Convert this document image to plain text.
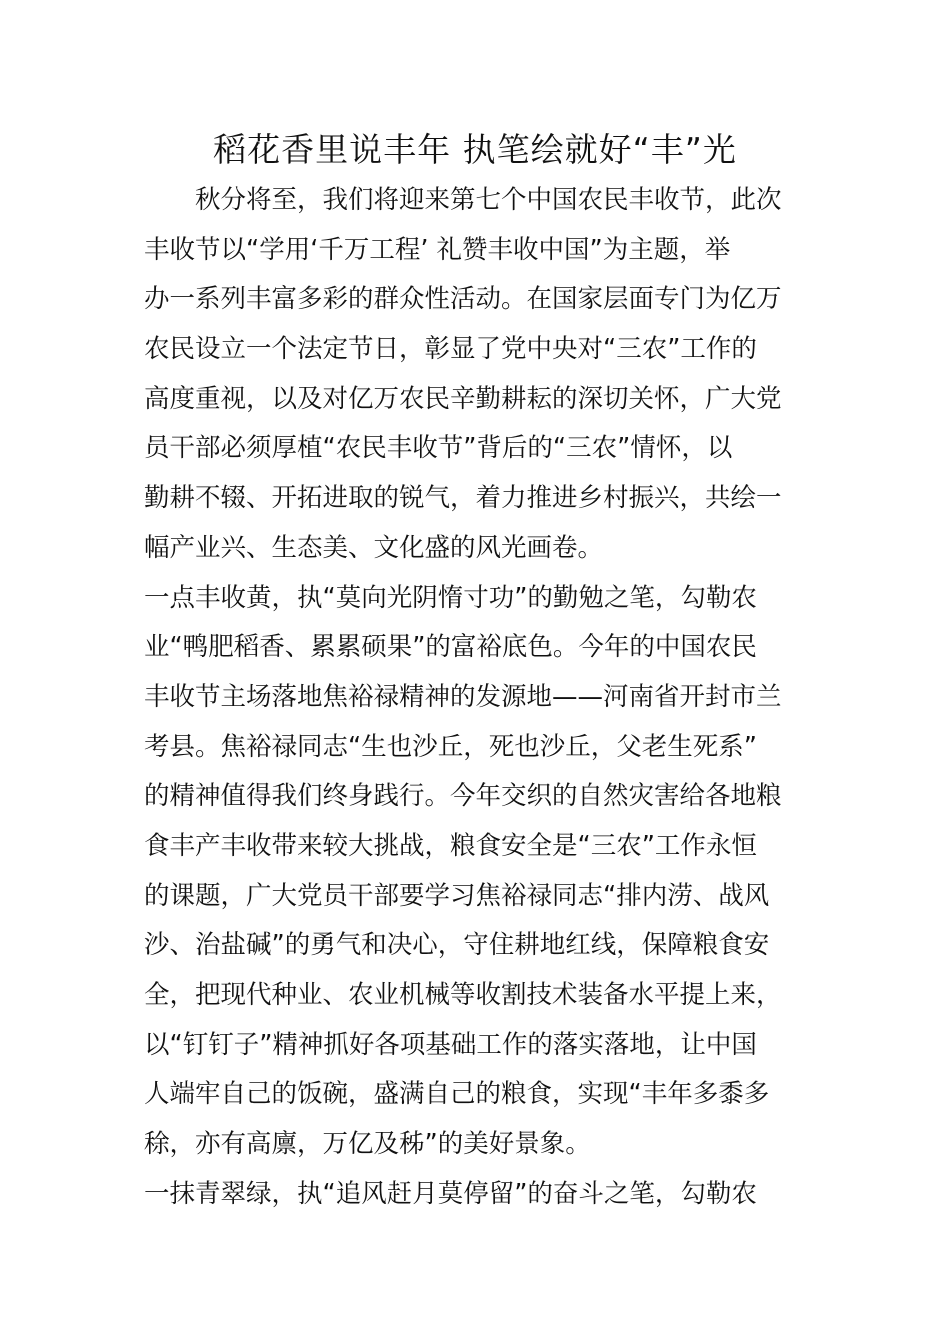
稻花香里说丰年 执笔绘就好“丰”光
　　秋分将至，我们将迎来第七个中国农民丰收节，此次
丰收节以“学用‘千万工程’ 礼赞丰收中国”为主题，举
办一系列丰富多彩的群众性活动。在国家层面专门为亿万
农民设立一个法定节日，彰显了党中央对“三农”工作的
高度重视，以及对亿万农民辛勤耕耘的深切关怀，广大党
员干部必须厚植“农民丰收节”背后的“三农”情怀，以
勤耕不辍、开拓进取的锐气，着力推进乡村振兴，共绘一
幅产业兴、生态美、文化盛的风光画卷。
一点丰收黄，执“莫向光阴惰寸功”的勤勉之笔，勾勒农
业“鸭肥稻香、累累硕果”的富裕底色。今年的中国农民
丰收节主场落地焦裕禄精神的发源地——河南省开封市兰
考县。焦裕禄同志“生也沙丘，死也沙丘，父老生死系”
的精神值得我们终身践行。今年交织的自然灾害给各地粮
食丰产丰收带来较大挑战，粮食安全是“三农”工作永恒
的课题，广大党员干部要学习焦裕禄同志“排内涝、战风
沙、治盐碱”的勇气和决心，守住耕地红线，保障粮食安
全，把现代种业、农业机械等收割技术装备水平提上来，
以“钉钉子”精神抓好各项基础工作的落实落地，让中国
人端牢自己的饭碗，盛满自己的粮食，实现“丰年多黍多
稌，亦有高廪，万亿及秭”的美好景象。
一抹青翠绿，执“追风赶月莫停留”的奋斗之笔，勾勒农
